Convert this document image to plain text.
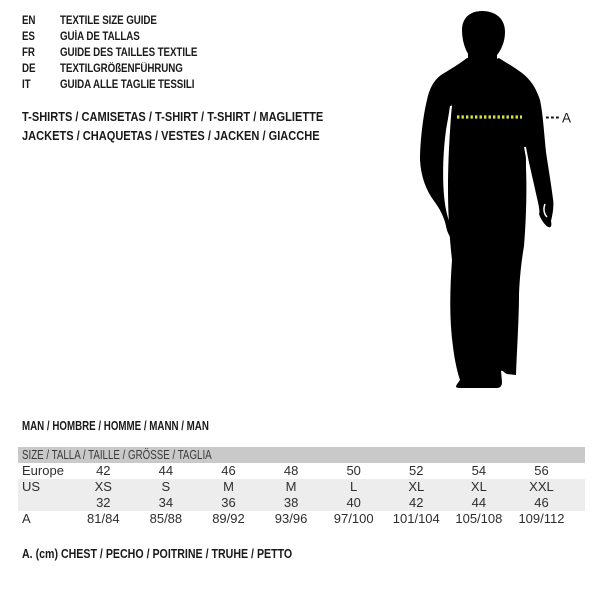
EN TEXTILE SIZE GUIDE
ES GUÍA DE TALLAS
FR GUIDE DES TAILLES TEXTILE
DE TEXTILGRÖßENFÜHRUNG
IT	GUIDA ALLE TAGLIE TESSILI
T-SHIRTS / CAMISETAS / T-SHIRT / T-SHIRT / MAGLIETTE
JACKETS / CHAQUETAS / VESTES / JACKEN / GIACCHE
A
MAN / HOMBRE / HOMME / MANN / MAN
SIZE / TALLA / TAILLE / GRÖSSE / TAGLIA
Europe	42	44	46	48	50	52	54	56
US	XS	S	M	M	L	XL	XL	XXL
32	34	36	38	40	42	44	46
A	81/84	85/88	89/92	93/96	97/100	101/104	105/108	109/112
A. (cm) CHEST / PECHO / POITRINE / TRUHE / PETTO
